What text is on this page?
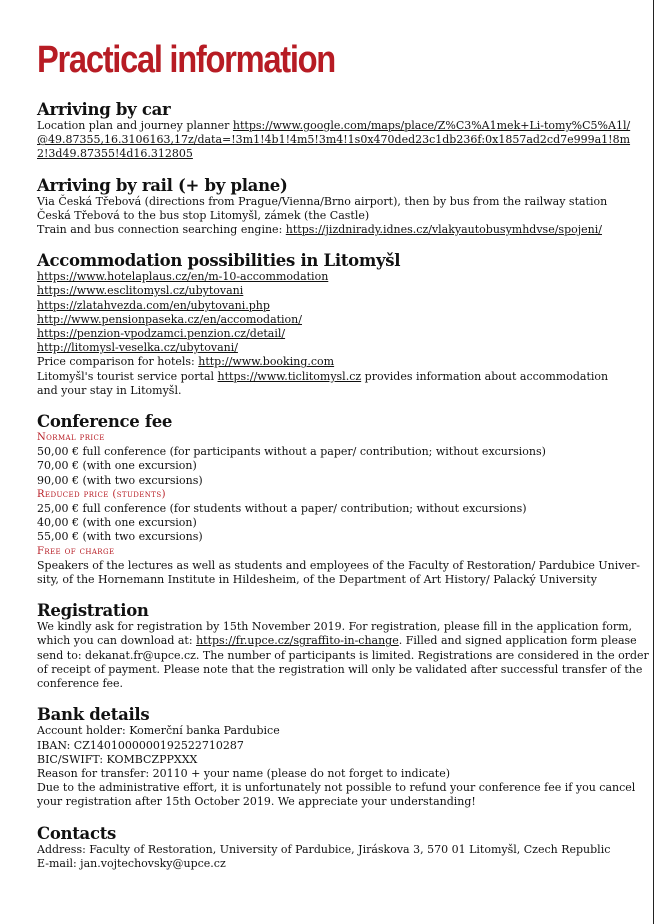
Practical information
Arriving by car
Location plan and journey planner https://www.google.com/maps/place/Z%C3%A1mek+Li-tomy%C5%A1l/@49.87355,16.3106163,17z/data=!3m1!4b1!4m5!3m4!1s0x470ded23c1db236f:0x1857ad2cd7e999a1!8m2!3d49.87355!4d16.312805
Arriving by rail (+ by plane)
Via Česká Třebová (directions from Prague/Vienna/Brno airport), then by bus from the railway station
Česká Třebová to the bus stop Litomyšl, zámek (the Castle)
Train and bus connection searching engine: https://jizdnirady.idnes.cz/vlakyautobusymhdvse/spojeni/
Accommodation possibilities in Litomyšl
https://www.hotelaplaus.cz/en/m-10-accommodation
https://www.esclitomysl.cz/ubytovani
https://zlatahvezda.com/en/ubytovani.php
http://www.pensionpaseka.cz/en/accomodation/
https://penzion-vpodzamci.penzion.cz/detail/
http://litomysl-veselka.cz/ubytovani/
Price comparison for hotels: http://www.booking.com
Litomyšl's tourist service portal https://www.ticlitomysl.cz provides information about accommodation
and your stay in Litomyšl.
Conference fee
Normal price
50,00 € full conference (for participants without a paper/ contribution; without excursions)
70,00 € (with one excursion)
90,00 € (with two excursions)
Reduced price (students)
25,00 € full conference (for students without a paper/ contribution; without excursions)
40,00 € (with one excursion)
55,00 € (with two excursions)
Free of charge
Speakers of the lectures as well as students and employees of the Faculty of Restoration/ Pardubice Univer-
sity, of the Hornemann Institute in Hildesheim, of the Department of Art History/ Palacký University
Registration
We kindly ask for registration by 15th November 2019. For registration, please fill in the application form,
which you can download at: https://fr.upce.cz/sgraffito-in-change. Filled and signed application form please
send to: dekanat.fr@upce.cz. The number of participants is limited. Registrations are considered in the order
of receipt of payment. Please note that the registration will only be validated after successful transfer of the
conference fee.
Bank details
Account holder: Komerční banka Pardubice
IBAN: CZ1401000000192522710287
BIC/SWIFT: KOMBCZPPXXX
Reason for transfer: 20110 + your name (please do not forget to indicate)
Due to the administrative effort, it is unfortunately not possible to refund your conference fee if you cancel
your registration after 15th October 2019. We appreciate your understanding!
Contacts
Address: Faculty of Restoration, University of Pardubice, Jiráskova 3, 570 01 Litomyšl, Czech Republic
E-mail: jan.vojtechovsky@upce.cz
